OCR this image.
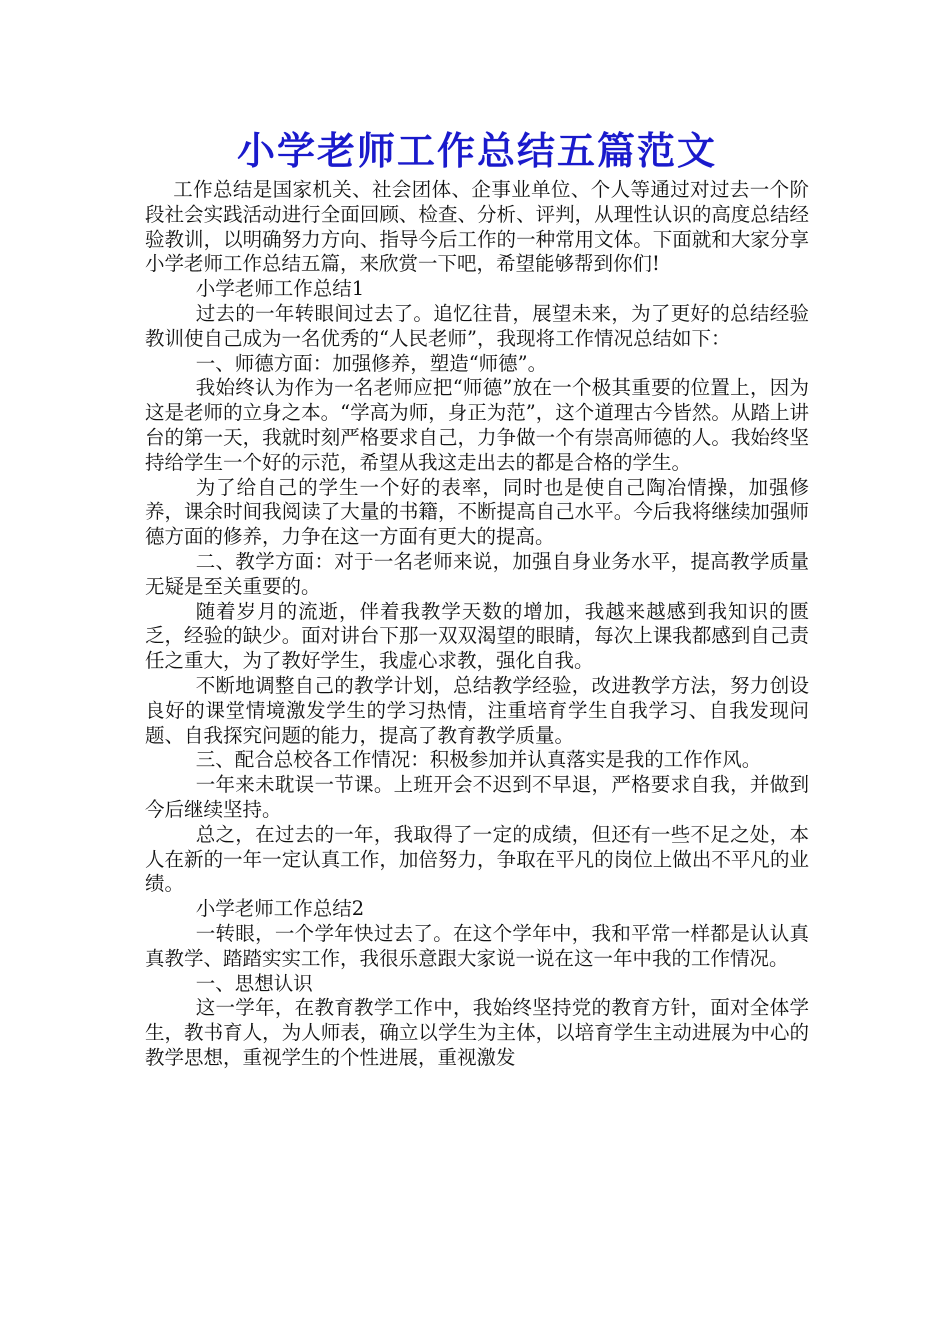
小学老师工作总结五篇范文

工作总结是国家机关、社会团体、企事业单位、个人等通过对过去一个阶段社会实践活动进行全面回顾、检查、分析、评判，从理性认识的高度总结经验教训，以明确努力方向、指导今后工作的一种常用文体。下面就和大家分享小学老师工作总结五篇，来欣赏一下吧，希望能够帮到你们!

小学老师工作总结1

过去的一年转眼间过去了。追忆往昔，展望未来，为了更好的总结经验教训使自己成为一名优秀的“人民老师”，我现将工作情况总结如下：

一、师德方面：加强修养，塑造“师德”。

我始终认为作为一名老师应把“师德”放在一个极其重要的位置上，因为这是老师的立身之本。“学高为师，身正为范”，这个道理古今皆然。从踏上讲台的第一天，我就时刻严格要求自己，力争做一个有崇高师德的人。我始终坚持给学生一个好的示范，希望从我这走出去的都是合格的学生。

为了给自己的学生一个好的表率，同时也是使自己陶冶情操，加强修养，课余时间我阅读了大量的书籍，不断提高自己水平。今后我将继续加强师德方面的修养，力争在这一方面有更大的提高。

二、教学方面：对于一名老师来说，加强自身业务水平，提高教学质量无疑是至关重要的。

随着岁月的流逝，伴着我教学天数的增加，我越来越感到我知识的匮乏，经验的缺少。面对讲台下那一双双渴望的眼睛，每次上课我都感到自己责任之重大，为了教好学生，我虚心求教，强化自我。

不断地调整自己的教学计划，总结教学经验，改进教学方法，努力创设良好的课堂情境激发学生的学习热情，注重培育学生自我学习、自我发现问题、自我探究问题的能力，提高了教育教学质量。

三、配合总校各工作情况：积极参加并认真落实是我的工作作风。

一年来未耽误一节课。上班开会不迟到不早退，严格要求自我，并做到今后继续坚持。

总之，在过去的一年，我取得了一定的成绩，但还有一些不足之处，本人在新的一年一定认真工作，加倍努力，争取在平凡的岗位上做出不平凡的业绩。

小学老师工作总结2

一转眼，一个学年快过去了。在这个学年中，我和平常一样都是认认真真教学、踏踏实实工作，我很乐意跟大家说一说在这一年中我的工作情况。

一、思想认识

这一学年，在教育教学工作中，我始终坚持党的教育方针，面对全体学生，教书育人，为人师表，确立以学生为主体，以培育学生主动进展为中心的教学思想，重视学生的个性进展，重视激发
